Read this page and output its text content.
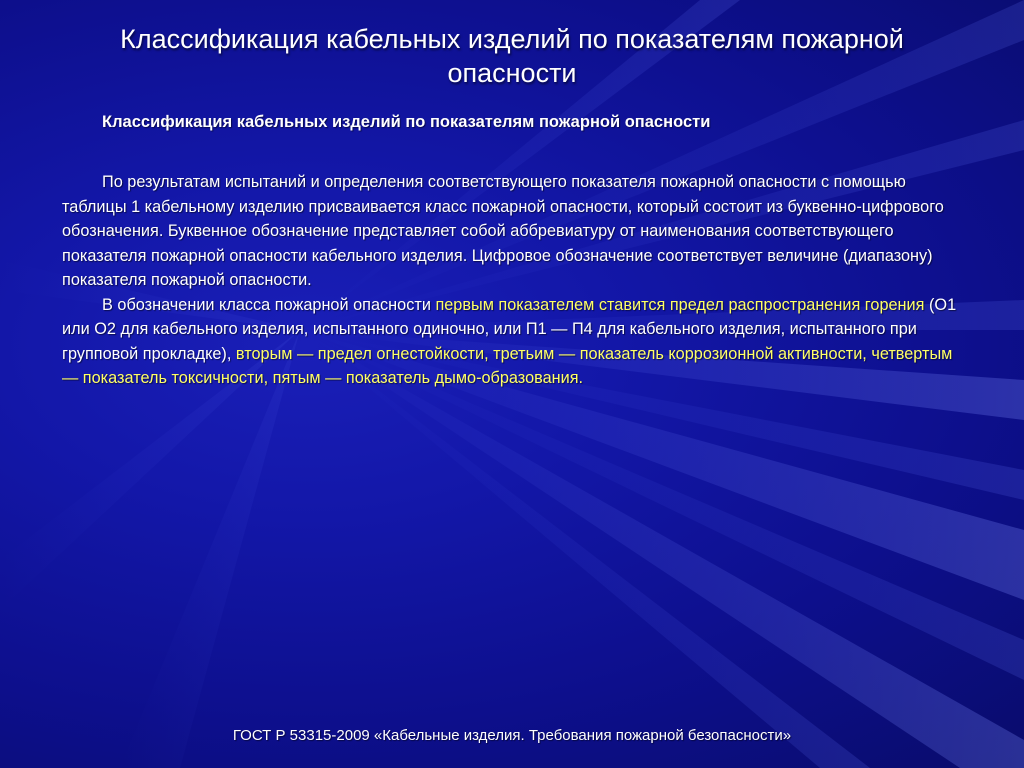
Классификация кабельных изделий по показателям пожарной опасности
Классификация кабельных изделий по показателям пожарной опасности

По результатам испытаний и определения соответствующего показателя пожарной опасности с помощью таблицы 1 кабельному изделию присваивается класс пожарной опасности, который состоит из буквенно-цифрового обозначения. Буквенное обозначение представляет собой аббревиатуру от наименования соответствующего показателя пожарной опасности кабельного изделия. Цифровое обозначение соответствует величине (диапазону) показателя пожарной опасности.

В обозначении класса пожарной опасности первым показателем ставится предел распространения горения (О1 или О2 для кабельного изделия, испытанного одиночно, или П1 — П4 для кабельного изделия, испытанного при групповой прокладке), вторым — предел огнестойкости, третьим — показатель коррозионной активности, четвертым — показатель токсичности, пятым — показатель дымо-образования.

ГОСТ Р 53315-2009 «Кабельные изделия. Требования пожарной безопасности»
